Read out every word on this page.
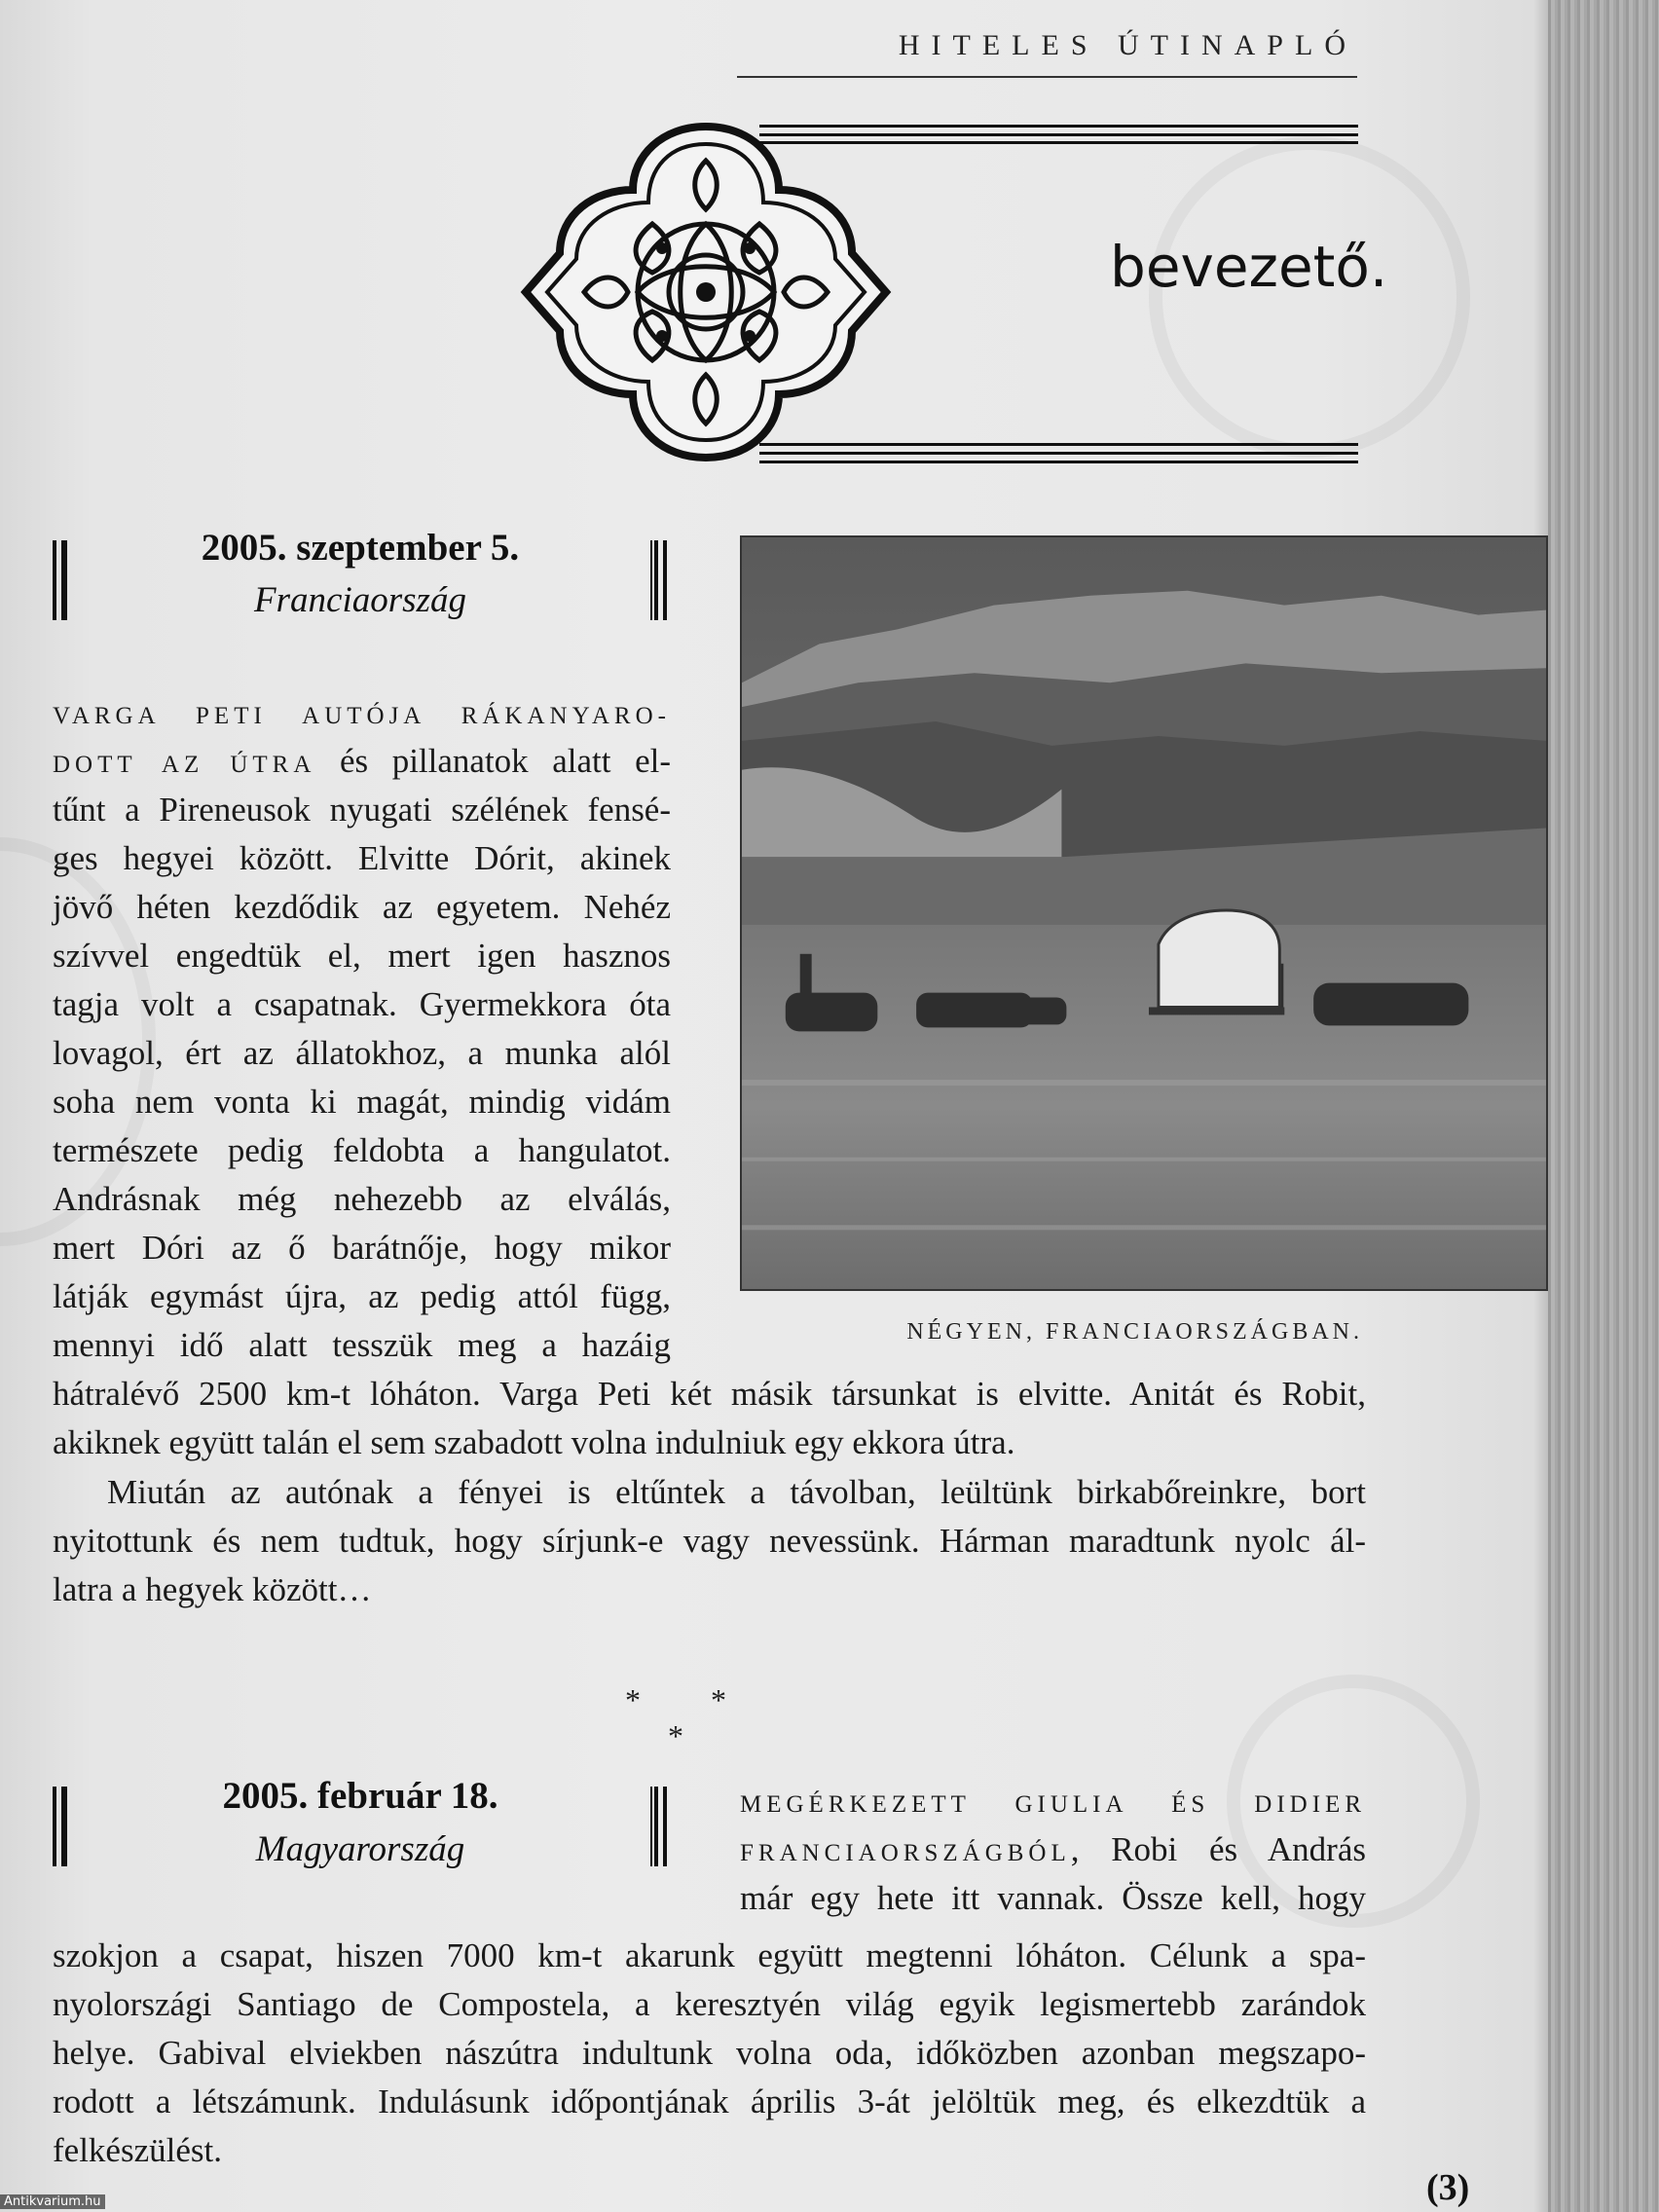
HITELES ÚTINAPLÓ
bevezető.
2005. szeptember 5.
Franciaország
VARGA PETI AUTÓJA RÁKANYARO-
DOTT AZ ÚTRA és pillanatok alatt el-
tűnt a Pireneusok nyugati szélének fensé-
ges hegyei között. Elvitte Dórit, akinek
jövő héten kezdődik az egyetem. Nehéz
szívvel engedtük el, mert igen hasznos
tagja volt a csapatnak. Gyermekkora óta
lovagol, ért az állatokhoz, a munka alól
soha nem vonta ki magát, mindig vidám
természete pedig feldobta a hangulatot.
Andrásnak még nehezebb az elválás,
mert Dóri az ő barátnője, hogy mikor
látják egymást újra, az pedig attól függ,
mennyi idő alatt tesszük meg a hazáig
hátralévő 2500 km-t lóháton. Varga Peti két másik társunkat is elvitte. Anitát és Robit,
akiknek együtt talán el sem szabadott volna indulniuk egy ekkora útra.
Miután az autónak a fényei is eltűntek a távolban, leültünk birkabőreinkre, bort
nyitottunk és nem tudtuk, hogy sírjunk-e vagy nevessünk. Hárman maradtunk nyolc ál-
latra a hegyek között…
NÉGYEN, FRANCIAORSZÁGBAN.
* * *
2005. február 18.
Magyarország
MEGÉRKEZETT GIULIA ÉS DIDIER
FRANCIAORSZÁGBÓL, Robi és András
már egy hete itt vannak. Össze kell, hogy
szokjon a csapat, hiszen 7000 km-t akarunk együtt megtenni lóháton. Célunk a spa-
nyolországi Santiago de Compostela, a keresztyén világ egyik legismertebb zarándok
helye. Gabival elviekben nászútra indultunk volna oda, időközben azonban megszapo-
rodott a létszámunk. Indulásunk időpontjának április 3-át jelöltük meg, és elkezdtük a
felkészülést.
(3)
Antikvarium.hu
